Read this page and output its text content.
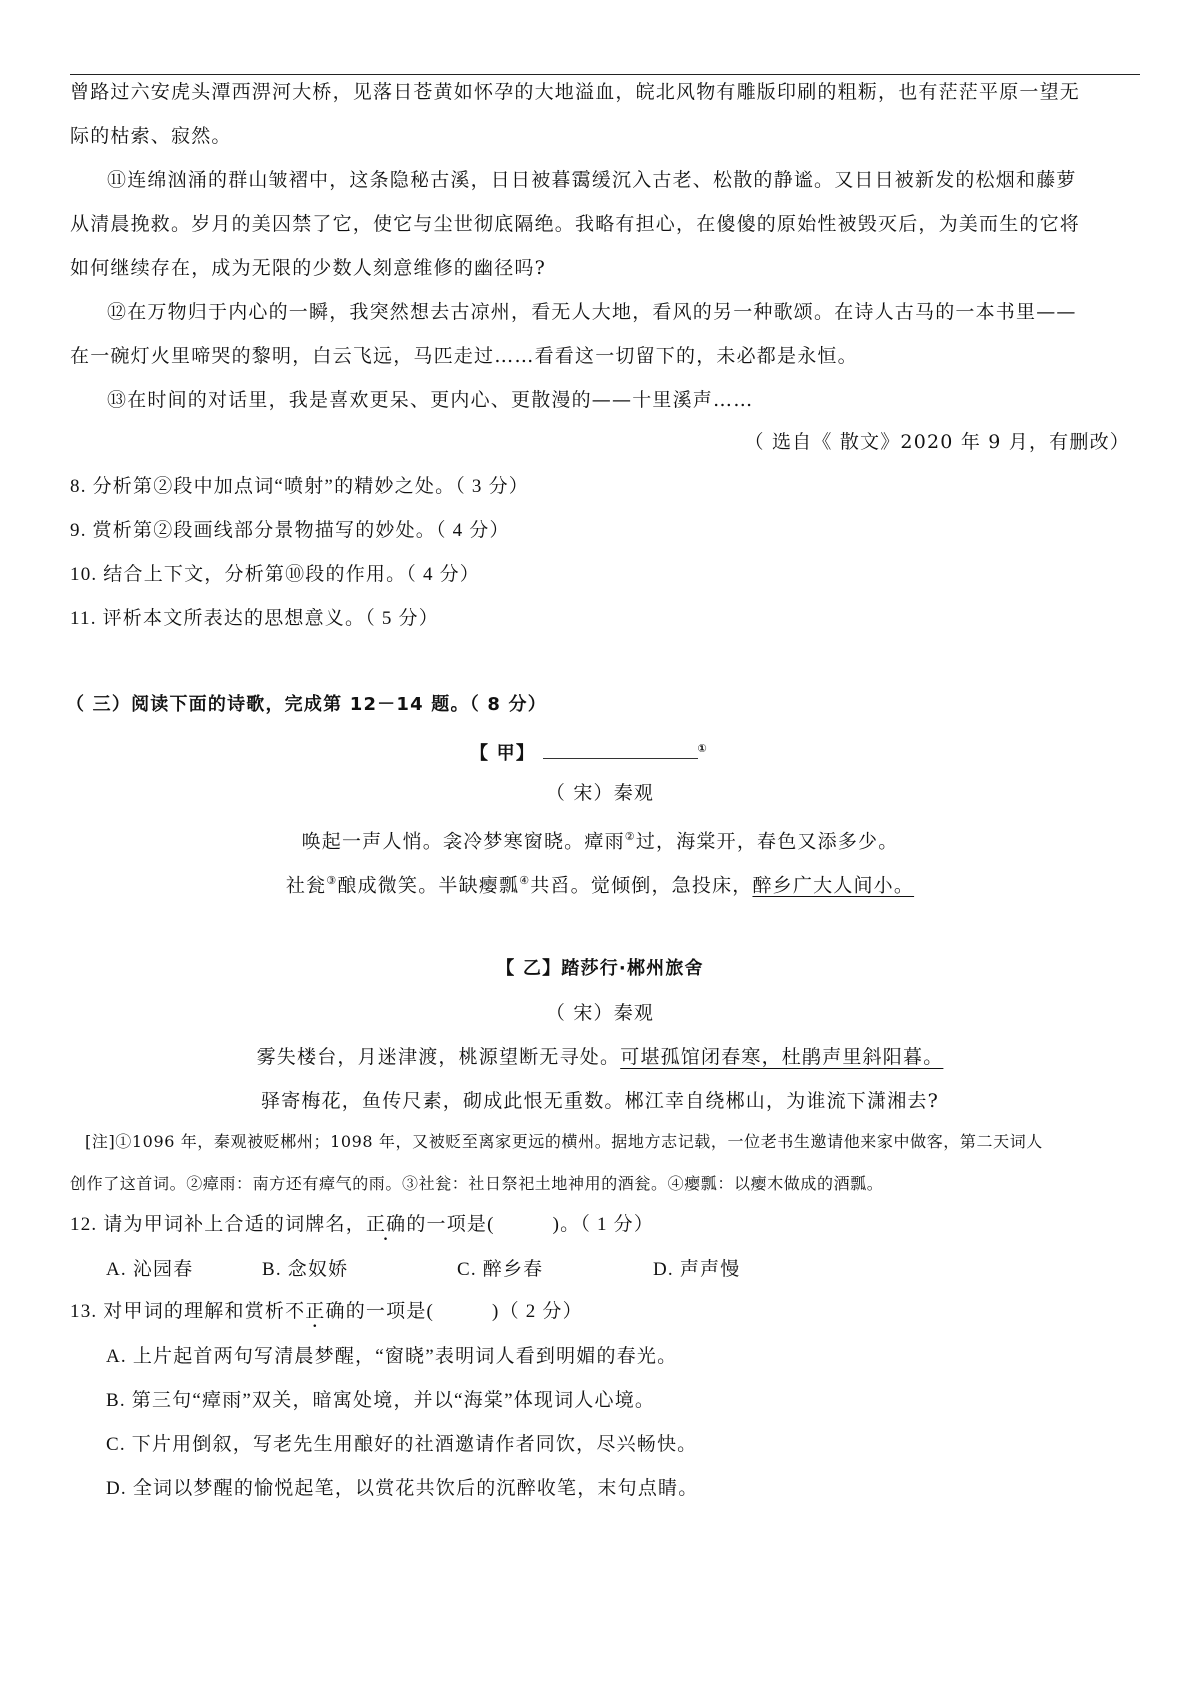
曾路过六安虎头潭西淠河大桥，见落日苍黄如怀孕的大地溢血，皖北风物有雕版印刷的粗粝，也有茫茫平原一望无
际的枯索、寂然。
⑪连绵汹涌的群山皱褶中，这条隐秘古溪，日日被暮霭缓沉入古老、松散的静谧。又日日被新发的松烟和藤萝
从清晨挽救。岁月的美囚禁了它，使它与尘世彻底隔绝。我略有担心，在傻傻的原始性被毁灭后，为美而生的它将
如何继续存在，成为无限的少数人刻意维修的幽径吗?
⑫在万物归于内心的一瞬，我突然想去古凉州，看无人大地，看风的另一种歌颂。在诗人古马的一本书里——
在一碗灯火里啼哭的黎明，白云飞远，马匹走过……看看这一切留下的，未必都是永恒。
⑬在时间的对话里，我是喜欢更呆、更内心、更散漫的——十里溪声……
（ 选自《 散文》2020 年 9 月，有删改）
8. 分析第②段中加点词“喷射”的精妙之处。（ 3 分）
9. 赏析第②段画线部分景物描写的妙处。（ 4 分）
10. 结合上下文，分析第⑩段的作用。（ 4 分）
11. 评析本文所表达的思想意义。（ 5 分）
（ 三）阅读下面的诗歌，完成第 12－14 题。（ 8 分）
【 甲】	①
（ 宋）秦观
唤起一声人悄。衾冷梦寒窗晓。瘴雨②过，海棠开，春色又添多少。
社瓮③酿成微笑。半缺瘿瓢④共舀。觉倾倒，急投床，醉乡广大人间小。
【 乙】踏莎行·郴州旅舍
（ 宋）秦观
雾失楼台，月迷津渡，桃源望断无寻处。可堪孤馆闭春寒，杜鹃声里斜阳暮。
驿寄梅花，鱼传尺素，砌成此恨无重数。郴江幸自绕郴山，为谁流下潇湘去?
[注]①1096 年，秦观被贬郴州；1098 年，又被贬至离家更远的横州。据地方志记载，一位老书生邀请他来家中做客，第二天词人
创作了这首词。②瘴雨：南方还有瘴气的雨。③社瓮：社日祭祀土地神用的酒瓮。④瘿瓢：以瘿木做成的酒瓢。
12. 请为甲词补上合适的词牌名，正确的一项是(	)。（ 1 分）
A. 沁园春	B. 念奴娇	C. 醉乡春	D. 声声慢
13. 对甲词的理解和赏析不正确的一项是(	)（ 2 分）
A. 上片起首两句写清晨梦醒，“窗晓”表明词人看到明媚的春光。
B. 第三句“瘴雨”双关，暗寓处境，并以“海棠”体现词人心境。
C. 下片用倒叙，写老先生用酿好的社酒邀请作者同饮，尽兴畅快。
D. 全词以梦醒的愉悦起笔，以赏花共饮后的沉醉收笔，末句点睛。
